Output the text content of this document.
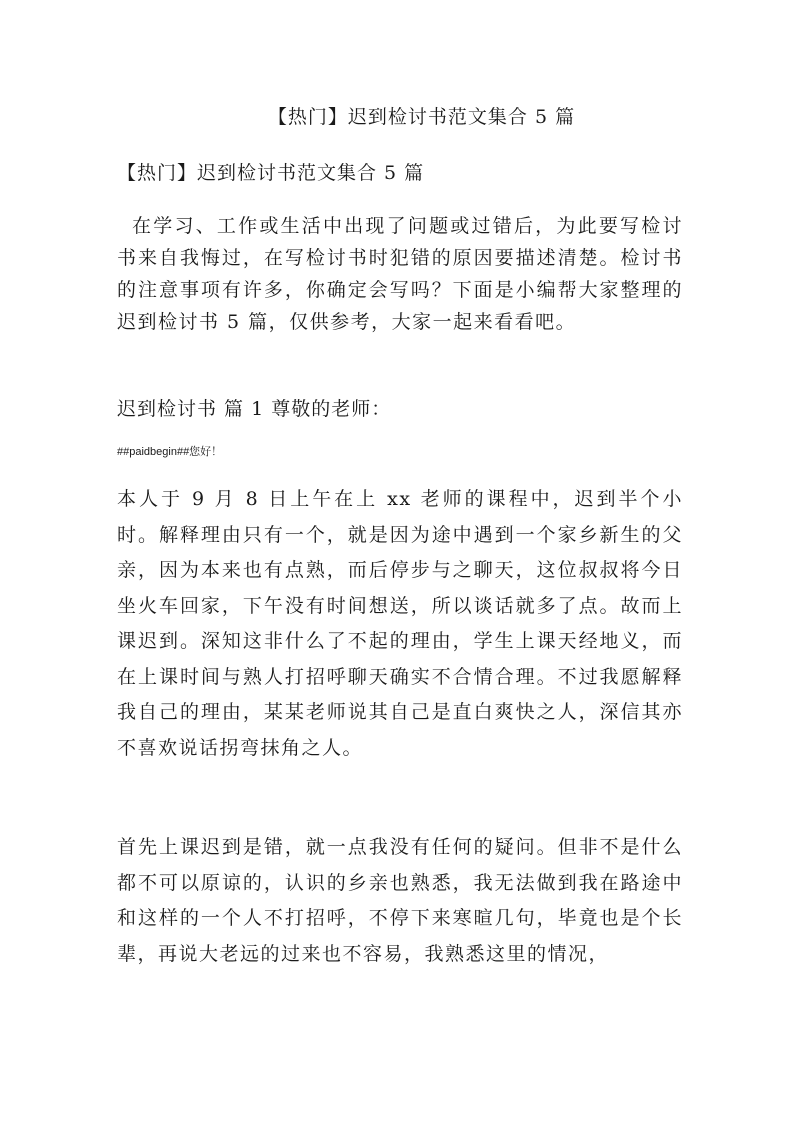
【热门】迟到检讨书范文集合 5 篇
【热门】迟到检讨书范文集合 5 篇

在学习、工作或生活中出现了问题或过错后，为此要写检讨书来自我悔过，在写检讨书时犯错的原因要描述清楚。检讨书的注意事项有许多，你确定会写吗？下面是小编帮大家整理的迟到检讨书 5 篇，仅供参考，大家一起来看看吧。

迟到检讨书 篇 1 尊敬的老师：
##paidbegin##您好！

本人于 9 月 8 日上午在上 xx 老师的课程中，迟到半个小时。解释理由只有一个，就是因为途中遇到一个家乡新生的父亲，因为本来也有点熟，而后停步与之聊天，这位叔叔将今日坐火车回家，下午没有时间想送，所以谈话就多了点。故而上课迟到。深知这非什么了不起的理由，学生上课天经地义，而在上课时间与熟人打招呼聊天确实不合情合理。不过我愿解释我自己的理由，某某老师说其自己是直白爽快之人，深信其亦不喜欢说话拐弯抹角之人。

首先上课迟到是错，就一点我没有任何的疑问。但非不是什么都不可以原谅的，认识的乡亲也熟悉，我无法做到我在路途中和这样的一个人不打招呼，不停下来寒暄几句，毕竟也是个长辈，再说大老远的过来也不容易，我熟悉这里的情况，
